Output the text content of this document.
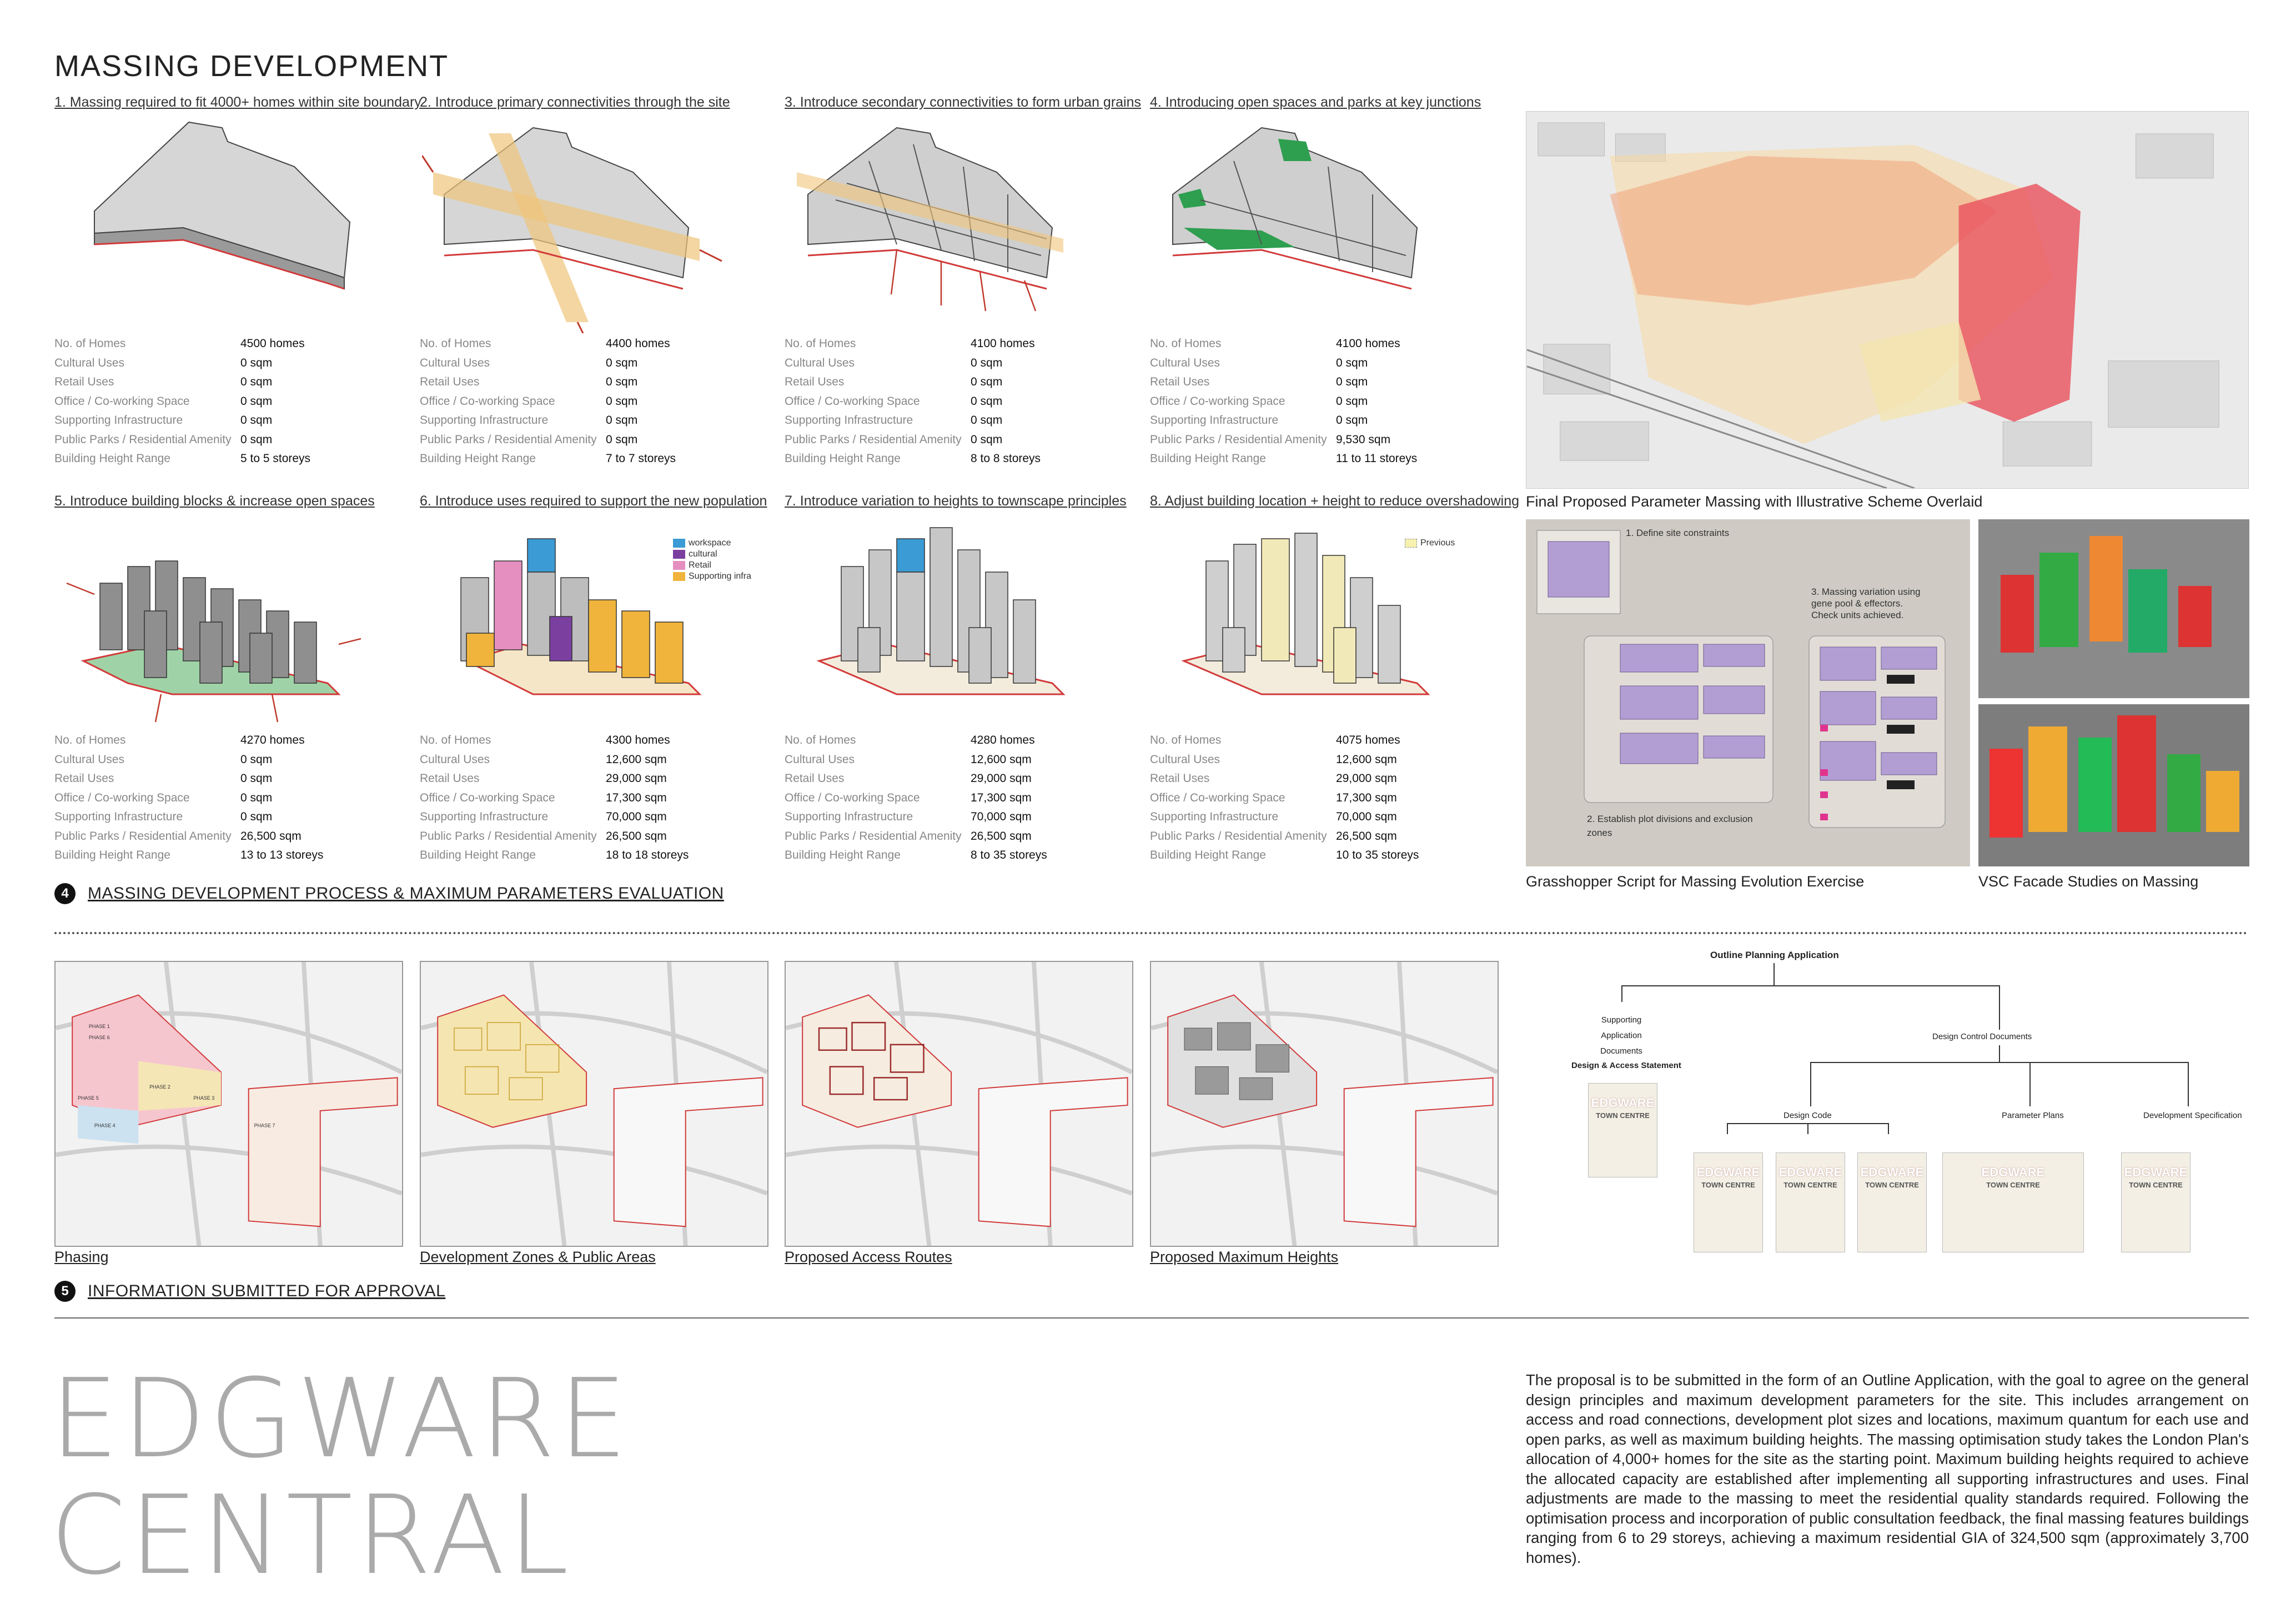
MASSING DEVELOPMENT
1. Massing required to fit 4000+ homes within site boundary
2. Introduce primary connectivities through the site	3. Introduce secondary connectivities to form urban grains 4. Introducing open spaces and parks at key junctions
No. of Homes	4500 homes
Cultural Uses	0 sqm
Retail Uses	0 sqm
Office / Co-working Space	0 sqm
Supporting Infrastructure	0 sqm
Public Parks / Residential Amenity 0 sqm
Building Height Range	5 to 5 storeys
No. of Homes	4400 homes
Cultural Uses	0 sqm
Retail Uses	0 sqm
Office / Co-working Space	0 sqm
Supporting Infrastructure	0 sqm
Public Parks / Residential Amenity 0 sqm
Building Height Range	7 to 7 storeys
No. of Homes	4100 homes
Cultural Uses	0 sqm
Retail Uses	0 sqm
Office / Co-working Space	0 sqm
Supporting Infrastructure	0 sqm
Public Parks / Residential Amenity 0 sqm
Building Height Range	8 to 8 storeys
No. of Homes	4100 homes
Cultural Uses	0 sqm
Retail Uses	0 sqm
Office / Co-working Space	0 sqm
Supporting Infrastructure	0 sqm
Public Parks / Residential Amenity 9,530 sqm
Building Height Range	11 to 11 storeys
5. Introduce building blocks & increase open spaces	6. Introduce uses required to support the new population 7. Introduce variation to heights to townscape principles 8. Adjust building location + height to reduce overshadowing
workspace
cultural
Retail
Supporting infra
Previous
No. of Homes	4270 homes
Cultural Uses	0 sqm
Retail Uses	0 sqm
Office / Co-working Space	0 sqm
Supporting Infrastructure	0 sqm
Public Parks / Residential Amenity 26,500 sqm
Building Height Range	13 to 13 storeys
No. of Homes	4300 homes
Cultural Uses	12,600 sqm
Retail Uses	29,000 sqm
Office / Co-working Space	17,300 sqm
Supporting Infrastructure	70,000 sqm
Public Parks / Residential Amenity 26,500 sqm
Building Height Range	18 to 18 storeys
No. of Homes	4280 homes
Cultural Uses	12,600 sqm
Retail Uses	29,000 sqm
Office / Co-working Space	17,300 sqm
Supporting Infrastructure	70,000 sqm
Public Parks / Residential Amenity 26,500 sqm
Building Height Range	8 to 35 storeys
No. of Homes	4075 homes
Cultural Uses	12,600 sqm
Retail Uses	29,000 sqm
Office / Co-working Space	17,300 sqm
Supporting Infrastructure	70,000 sqm
Public Parks / Residential Amenity 26,500 sqm
Building Height Range	10 to 35 storeys
Final Proposed Parameter Massing with Illustrative Scheme Overlaid
1. Define site constraints
3. Massing variation using gene pool & effectors. Check units achieved.
2. Establish plot divisions and exclusion zones
Grasshopper Script for Massing Evolution Exercise	VSC Facade Studies on Massing
4	MASSING DEVELOPMENT PROCESS & MAXIMUM PARAMETERS EVALUATION
PHASE 1
PHASE 2
PHASE 3
PHASE 4
PHASE 5
PHASE 6
PHASE 7
Phasing	Development Zones & Public Areas	Proposed Access Routes	Proposed Maximum Heights
Outline Planning Application
Supporting Application Documents
Design & Access Statement
Design Control Documents
Design Code	Parameter Plans	Development Specification
EDGWARE
TOWN CENTRE
EDGWARE
TOWN CENTRE
EDGWARE
TOWN CENTRE
EDGWARE
TOWN CENTRE
EDGWARE
TOWN CENTRE
EDGWARE
TOWN CENTRE
5	INFORMATION SUBMITTED FOR APPROVAL
EDGWARE
CENTRAL
The proposal is to be submitted in the form of an Outline Application, with the goal to agree on the general design principles and maximum development parameters for the site. This includes arrangement on access and road connections, development plot sizes and locations, maximum quantum for each use and open parks, as well as maximum building heights. The massing optimisation study takes the London Plan's allocation of 4,000+ homes for the site as the starting point. Maximum building heights required to achieve the allocated capacity are established after implementing all supporting infrastructures and uses. Final adjustments are made to the massing to meet the residential quality standards required. Following the optimisation process and incorporation of public consultation feedback, the final massing features buildings ranging from 6 to 29 storeys, achieving a maximum residential GIA of 324,500 sqm (approximately 3,700 homes).
